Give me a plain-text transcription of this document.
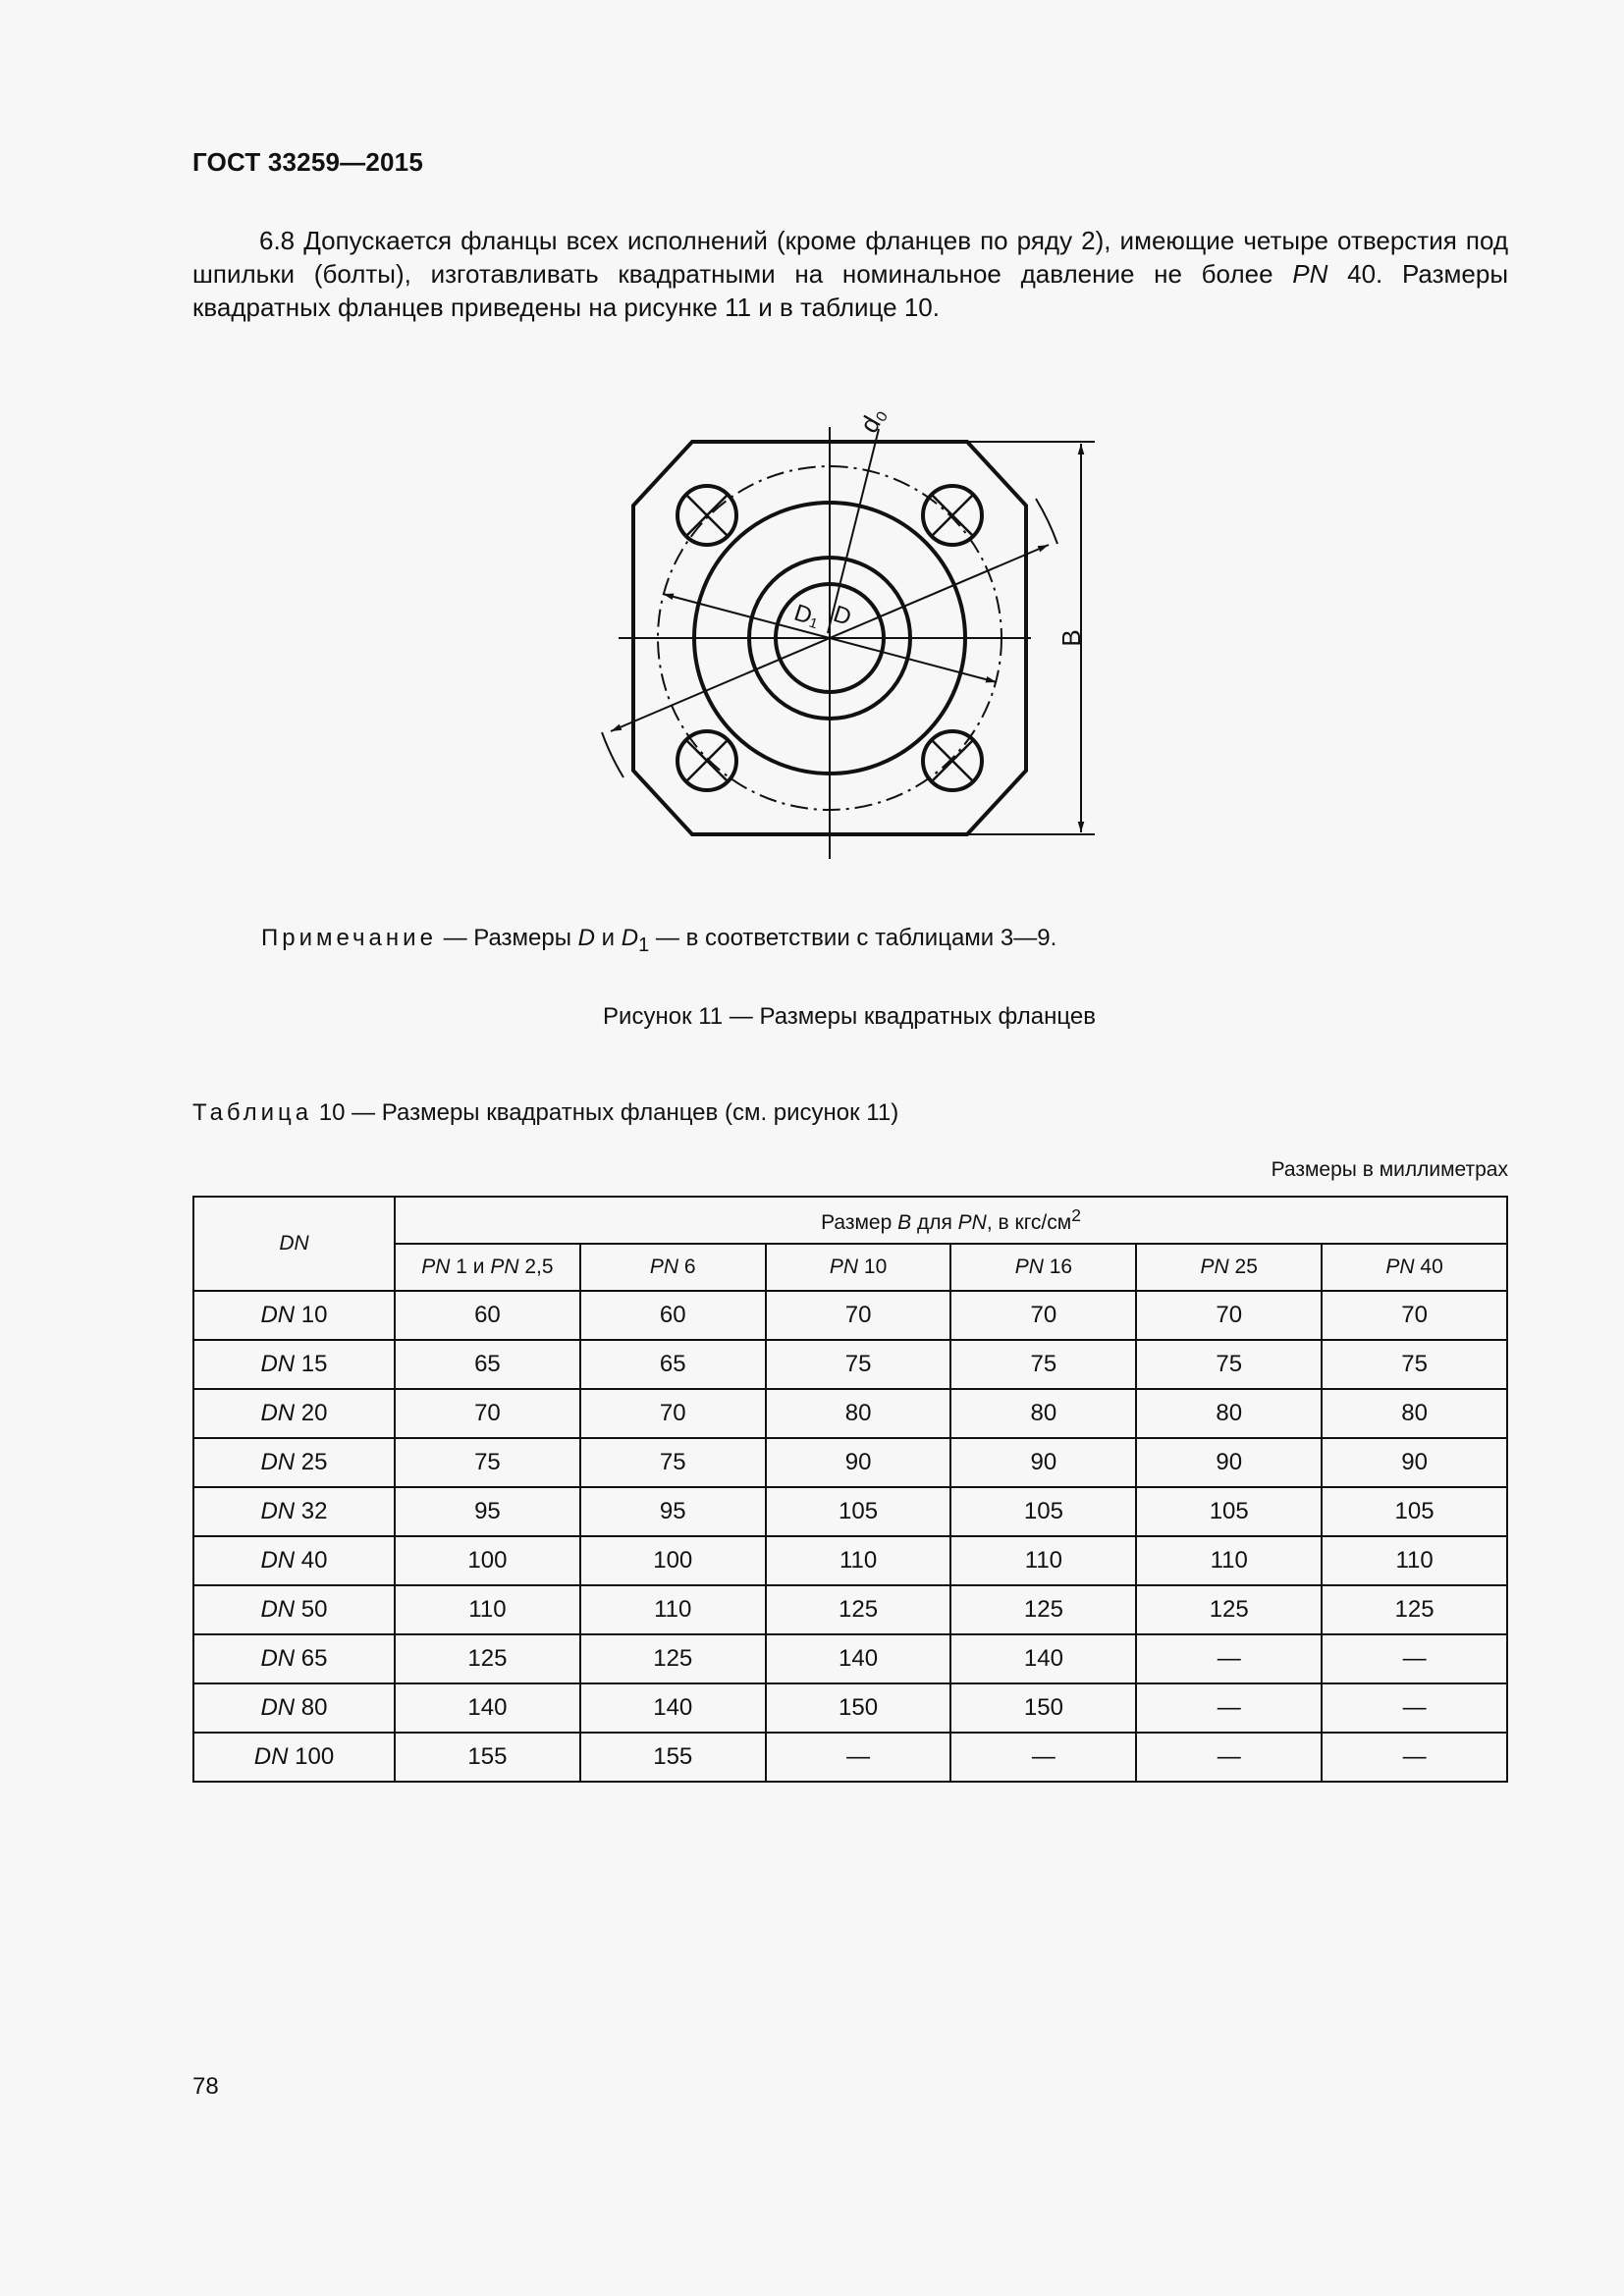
ГОСТ 33259—2015
6.8 Допускается фланцы всех исполнений (кроме фланцев по ряду 2), имеющие четыре отверстия под шпильки (болты), изготавливать квадратными на номинальное давление не более PN 40. Размеры квадратных фланцев приведены на рисунке 11 и в таблице 10.
d₀
D₁ D
B
Примечание — Размеры D и $D_1$ — в соответствии с таблицами 3—9.
Рисунок 11 — Размеры квадратных фланцев
Таблица 10 — Размеры квадратных фланцев (см. рисунок 11)
Размеры в миллиметрах
DN	Размер B для PN, в кгс/$см^2$
	PN 1 и PN 2,5	PN 6	PN 10	PN 16	PN 25	PN 40
DN 10	60	60	70	70	70	70
DN 15	65	65	75	75	75	75
DN 20	70	70	80	80	80	80
DN 25	75	75	90	90	90	90
DN 32	95	95	105	105	105	105
DN 40	100	100	110	110	110	110
DN 50	110	110	125	125	125	125
DN 65	125	125	140	140	—	—
DN 80	140	140	150	150	—	—
DN 100	155	155	—	—	—	—
78
